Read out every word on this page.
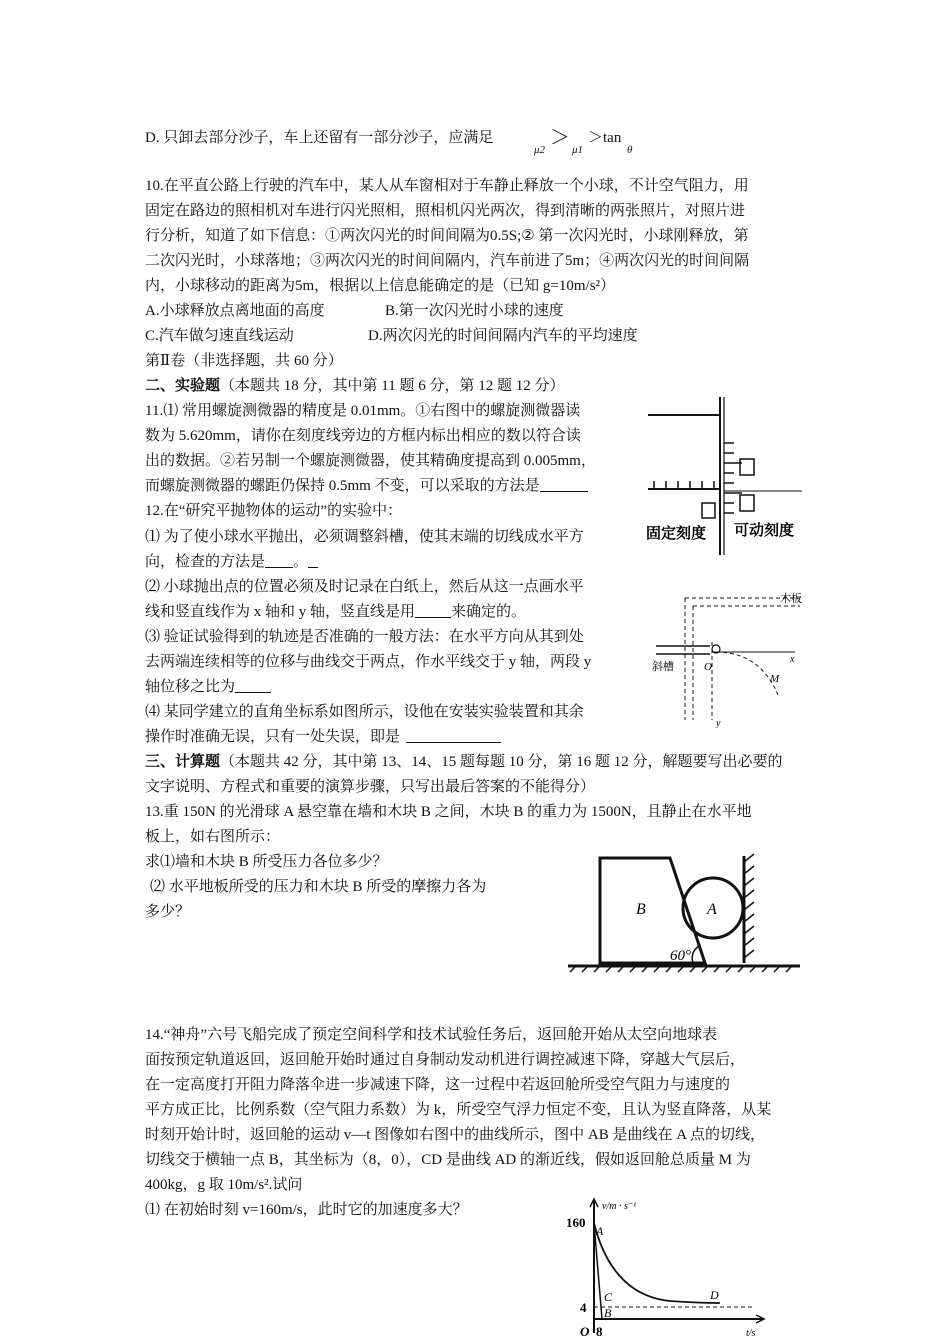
D. 只卸去部分沙子，车上还留有一部分沙子，应满足
μ2
＞
μ1
＞tan
θ
10.在平直公路上行驶的汽车中，某人从车窗相对于车静止释放一个小球，不计空气阻力，用
固定在路边的照相机对车进行闪光照相，照相机闪光两次，得到清晰的两张照片，对照片进
行分析，知道了如下信息：①两次闪光的时间间隔为0.5S;② 第一次闪光时，小球刚释放，第
二次闪光时，小球落地；③两次闪光的时间间隔内，汽车前进了5m；④两次闪光的时间间隔
内，小球移动的距离为5m，根据以上信息能确定的是（已知 g=10m/s²）
A.小球释放点离地面的高度	B.第一次闪光时小球的速度
C.汽车做匀速直线运动	D.两次闪光的时间间隔内汽车的平均速度
第Ⅱ卷（非选择题，共 60 分）
二、实验题（本题共 18 分，其中第 11 题 6 分，第 12 题 12 分）
11.⑴ 常用螺旋测微器的精度是 0.01mm。①右图中的螺旋测微器读
数为 5.620mm，请你在刻度线旁边的方框内标出相应的数以符合读
出的数据。②若另制一个螺旋测微器，使其精确度提高到 0.005mm，
而螺旋测微器的螺距仍保持 0.5mm 不变，可以采取的方法是
固定刻度 可动刻度
12.在“研究平抛物体的运动”的实验中：
⑴ 为了使小球水平抛出，必须调整斜槽，使其末端的切线成水平方
向，检查的方法是 。
⑵ 小球抛出点的位置必须及时记录在白纸上，然后从这一点画水平
线和竖直线作为 x 轴和 y 轴，竖直线是用 来确定的。
⑶ 验证试验得到的轨迹是否准确的一般方法：在水平方向从其到处
去两端连续相等的位移与曲线交于两点，作水平线交于 y 轴，两段 y
轴位移之比为
⑷ 某同学建立的直角坐标系如图所示，设他在安装实验装置和其余
操作时准确无误，只有一处失误，即是
木板
斜槽	O
x
y
M
三、计算题（本题共 42 分，其中第 13、14、15 题每题 10 分，第 16 题 12 分，解题要写出必要的
文字说明、方程式和重要的演算步骤，只写出最后答案的不能得分）
13.重 150N 的光滑球 A 悬空靠在墙和木块 B 之间，木块 B 的重力为 1500N，且静止在水平地
板上，如右图所示：
求⑴墙和木块 B 所受压力各位多少？
⑵ 水平地板所受的压力和木块 B 所受的摩擦力各为
多少？	B	A
60°
14.“神舟”六号飞船完成了预定空间科学和技术试验任务后，返回舱开始从太空向地球表
面按预定轨道返回，返回舱开始时通过自身制动发动机进行调控减速下降，穿越大气层后，
在一定高度打开阻力降落伞进一步减速下降，这一过程中若返回舱所受空气阻力与速度的
平方成正比，比例系数（空气阻力系数）为 k，所受空气浮力恒定不变，且认为竖直降落，从某
时刻开始计时，返回舱的运动 v—t 图像如右图中的曲线所示，图中 AB 是曲线在 A 点的切线，
切线交于横轴一点 B，其坐标为（8，0），CD 是曲线 AD 的渐近线，假如返回舱总质量 M 为
400kg，g 取 10m/s².试问
⑴ 在初始时刻 v=160m/s，此时它的加速度多大？	v/m · s⁻¹
t/s
160
4
8
O
A
B
C	D
